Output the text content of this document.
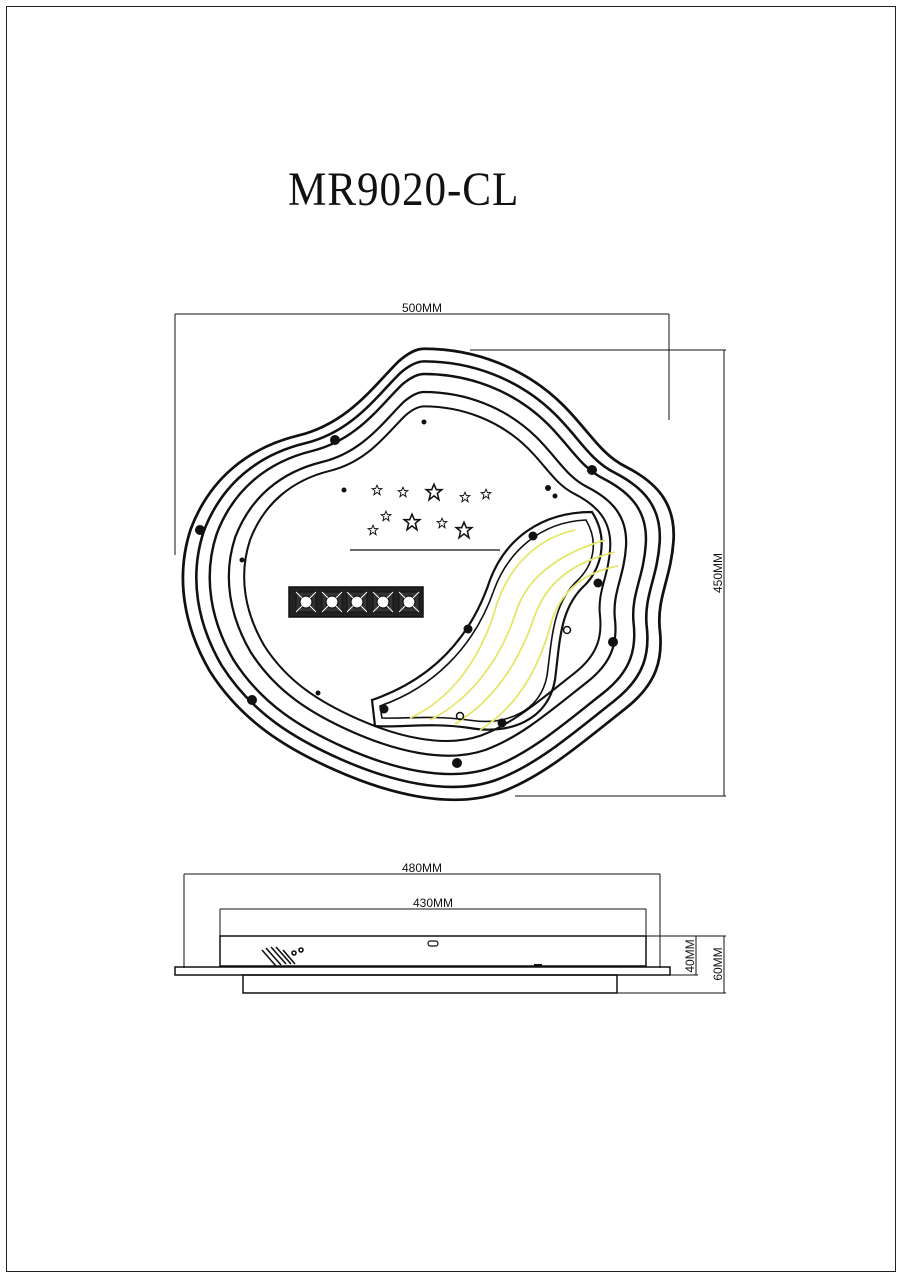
MR9020-CL
500MM
450MM
480MM
430MM
40MM 60MM
